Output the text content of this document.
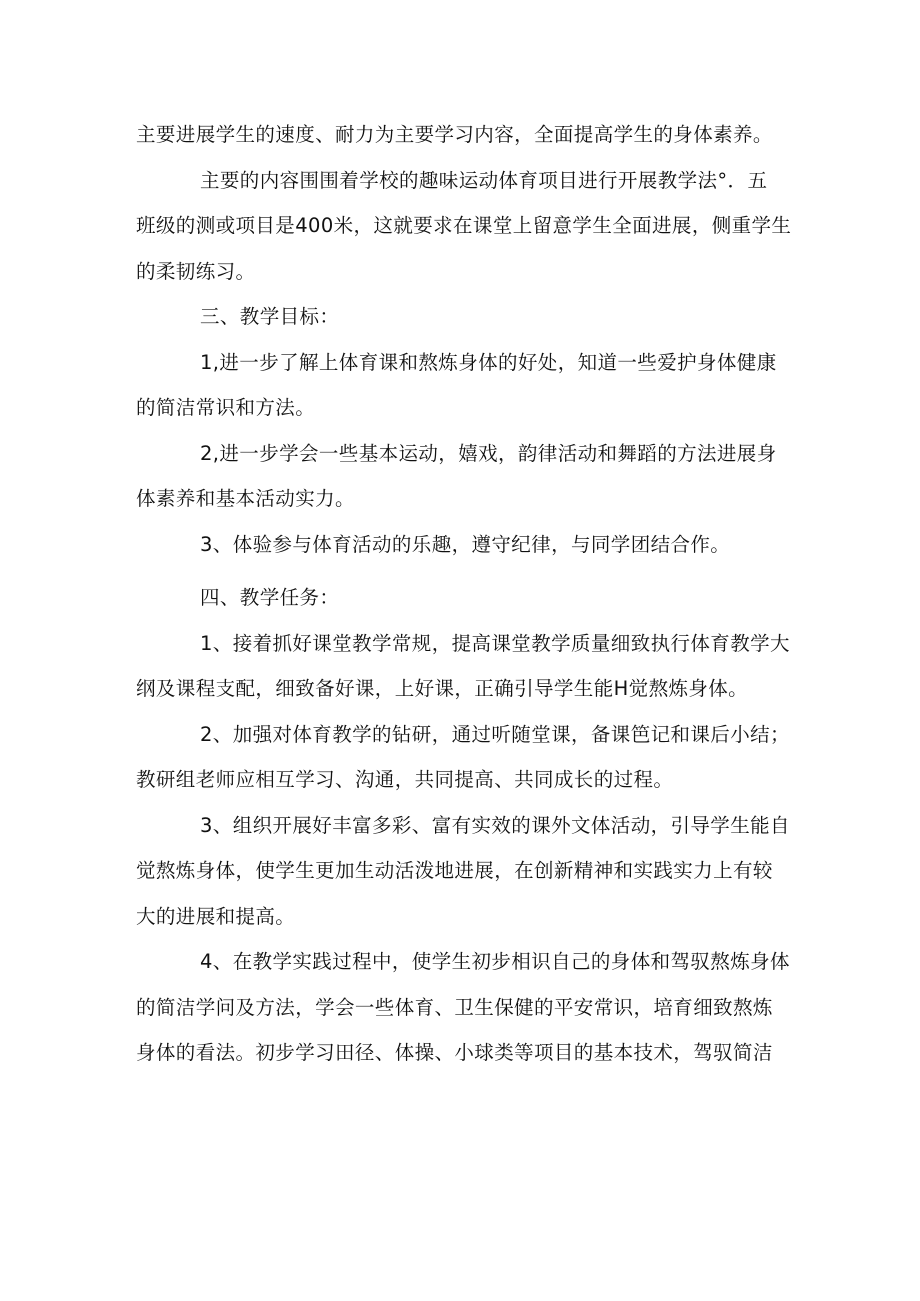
主要进展学生的速度、耐力为主要学习内容，全面提高学生的身体素养。

主要的内容围围着学校的趣味运动体育项目进行开展教学法°．五
班级的测或项目是400米，这就要求在课堂上留意学生全面进展，侧重学生
的柔韧练习。

三、教学目标：

1,进一步了解上体育课和熬炼身体的好处，知道一些爱护身体健康
的简洁常识和方法。

2,进一步学会一些基本运动，嬉戏，韵律活动和舞蹈的方法进展身
体素养和基本活动实力。

3、体验参与体育活动的乐趣，遵守纪律，与同学团结合作。

四、教学任务：

1、接着抓好课堂教学常规，提高课堂教学质量细致执行体育教学大
纲及课程支配，细致备好课，上好课，正确引导学生能H觉熬炼身体。

2、加强对体育教学的钻研，通过听随堂课，备课笆记和课后小结；
教研组老师应相互学习、沟通，共同提高、共同成长的过程。

3、组织开展好丰富多彩、富有实效的课外文体活动，引导学生能自
觉熬炼身体，使学生更加生动活泼地进展，在创新精神和实践实力上有较
大的进展和提高。

4、在教学实践过程中，使学生初步相识自己的身体和驾驭熬炼身体
的简洁学问及方法，学会一些体育、卫生保健的平安常识，培育细致熬炼
身体的看法。初步学习田径、体操、小球类等项目的基本技术，驾驭简洁
